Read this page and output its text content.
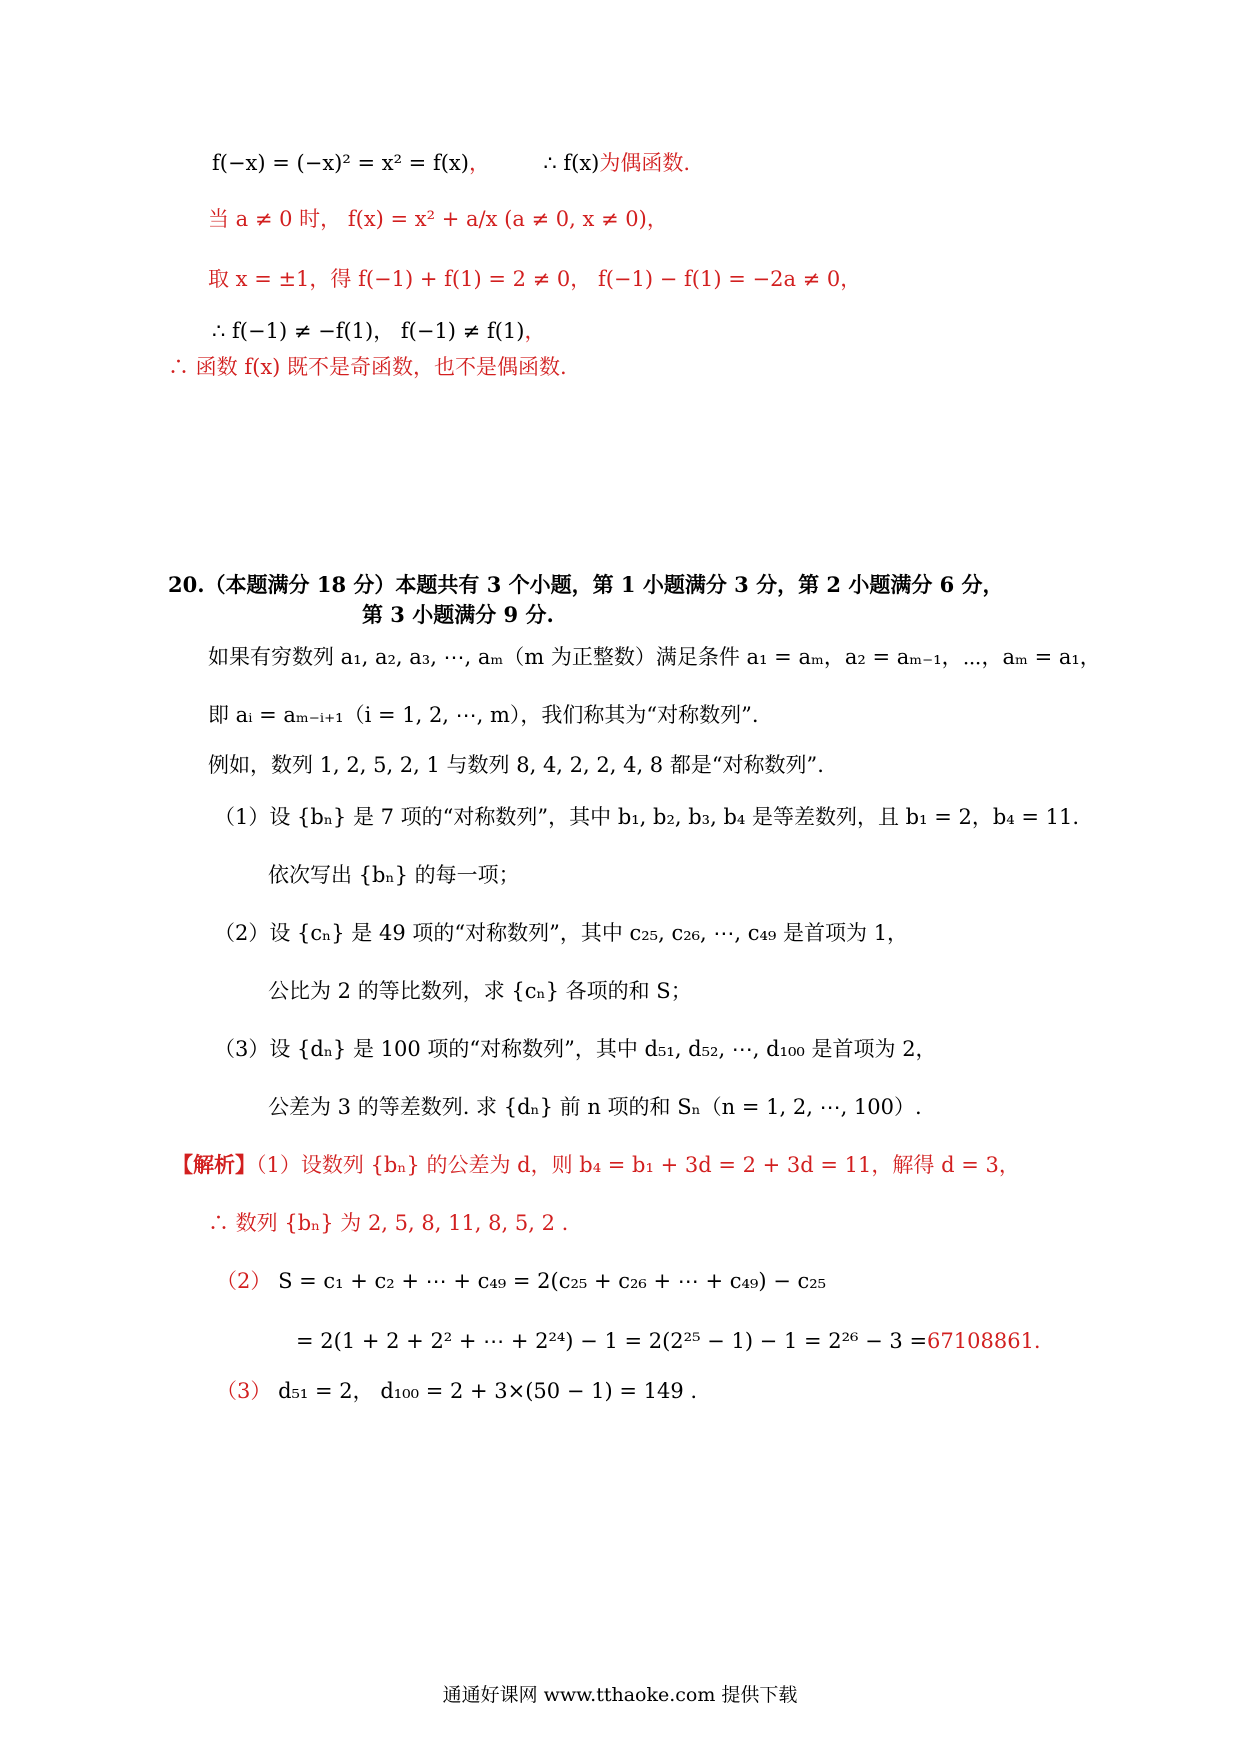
f(−x) = (−x)² = x² = f(x)，	∴ f(x)为偶函数.
当 a ≠ 0 时， f(x) = x² + a/x (a ≠ 0, x ≠ 0)，
取 x = ±1，得 f(−1) + f(1) = 2 ≠ 0， f(−1) − f(1) = −2a ≠ 0，
∴ f(−1) ≠ −f(1)， f(−1) ≠ f(1)，
∴ 函数 f(x) 既不是奇函数，也不是偶函数.
20.（本题满分 18 分）本题共有 3 个小题，第 1 小题满分 3 分，第 2 小题满分 6 分，
第 3 小题满分 9 分.
如果有穷数列 a₁, a₂, a₃, ⋯, aₘ（m 为正整数）满足条件 a₁ = aₘ，a₂ = aₘ₋₁，⋯，aₘ = a₁，
即 aᵢ = aₘ₋ᵢ₊₁（i = 1, 2, ⋯, m），我们称其为“对称数列”.
例如，数列 1, 2, 5, 2, 1 与数列 8, 4, 2, 2, 4, 8 都是“对称数列”.
（1）设 {bₙ} 是 7 项的“对称数列”，其中 b₁, b₂, b₃, b₄ 是等差数列，且 b₁ = 2，b₄ = 11.
依次写出 {bₙ} 的每一项；
（2）设 {cₙ} 是 49 项的“对称数列”，其中 c₂₅, c₂₆, ⋯, c₄₉ 是首项为 1，
公比为 2 的等比数列，求 {cₙ} 各项的和 S；
（3）设 {dₙ} 是 100 项的“对称数列”，其中 d₅₁, d₅₂, ⋯, d₁₀₀ 是首项为 2，
公差为 3 的等差数列. 求 {dₙ} 前 n 项的和 Sₙ（n = 1, 2, ⋯, 100）.
【解析】（1）设数列 {bₙ} 的公差为 d，则 b₄ = b₁ + 3d = 2 + 3d = 11，解得 d = 3，
∴ 数列 {bₙ} 为 2, 5, 8, 11, 8, 5, 2 .
（2） S = c₁ + c₂ + ⋯ + c₄₉ = 2(c₂₅ + c₂₆ + ⋯ + c₄₉) − c₂₅
= 2(1 + 2 + 2² + ⋯ + 2²⁴) − 1 = 2(2²⁵ − 1) − 1 = 2²⁶ − 3 =67108861.
（3） d₅₁ = 2， d₁₀₀ = 2 + 3×(50 − 1) = 149 .
通通好课网 www.tthaoke.com 提供下载
